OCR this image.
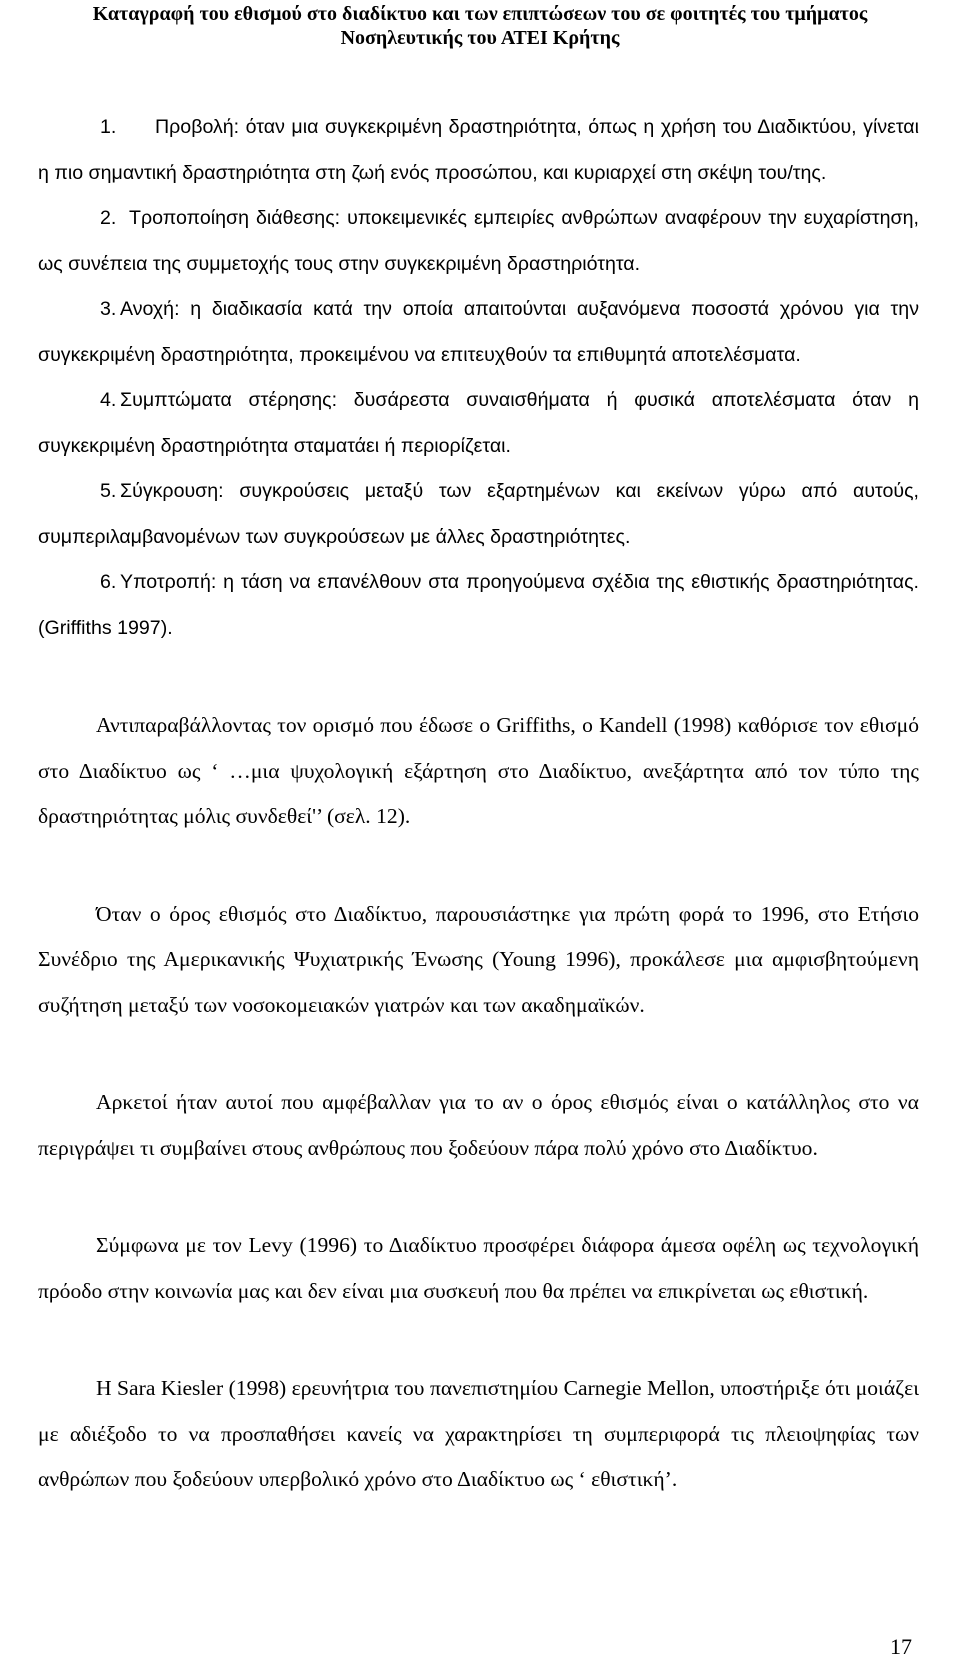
Καταγραφή του εθισμού στο διαδίκτυο και των επιπτώσεων του σε φοιτητές του τμήματος
Νοσηλευτικής του ΑΤΕΙ Κρήτης

1. Προβολή: όταν μια συγκεκριμένη δραστηριότητα, όπως η χρήση του Διαδικτύου, γίνεται η πιο σημαντική δραστηριότητα στη ζωή ενός προσώπου, και κυριαρχεί στη σκέψη του/της.

2. Τροποποίηση διάθεσης: υποκειμενικές εμπειρίες ανθρώπων αναφέρουν την ευχαρίστηση, ως συνέπεια της συμμετοχής τους στην συγκεκριμένη δραστηριότητα.

3. Ανοχή: η διαδικασία κατά την οποία απαιτούνται αυξανόμενα ποσοστά χρόνου για την συγκεκριμένη δραστηριότητα, προκειμένου να επιτευχθούν τα επιθυμητά αποτελέσματα.

4. Συμπτώματα στέρησης: δυσάρεστα συναισθήματα ή φυσικά αποτελέσματα όταν η συγκεκριμένη δραστηριότητα σταματάει ή περιορίζεται.

5. Σύγκρουση: συγκρούσεις μεταξύ των εξαρτημένων και εκείνων γύρω από αυτούς, συμπεριλαμβανομένων των συγκρούσεων με άλλες δραστηριότητες.

6. Υποτροπή: η τάση να επανέλθουν στα προηγούμενα σχέδια της εθιστικής δραστηριότητας. (Griffiths 1997).

Αντιπαραβάλλοντας τον ορισμό που έδωσε ο Griffiths, ο Kandell (1998) καθόρισε τον εθισμό στο Διαδίκτυο ως ‘ …μια ψυχολογική εξάρτηση στο Διαδίκτυο, ανεξάρτητα από τον τύπο της δραστηριότητας μόλις συνδεθεί'’ (σελ. 12).

Όταν ο όρος εθισμός στο Διαδίκτυο, παρουσιάστηκε για πρώτη φορά το 1996, στο Ετήσιο Συνέδριο της Αμερικανικής Ψυχιατρικής Ένωσης (Young 1996), προκάλεσε μια αμφισβητούμενη συζήτηση μεταξύ των νοσοκομειακών γιατρών και των ακαδημαϊκών.

Αρκετοί ήταν αυτοί που αμφέβαλλαν για το αν ο όρος εθισμός είναι ο κατάλληλος στο να περιγράψει τι συμβαίνει στους ανθρώπους που ξοδεύουν πάρα πολύ χρόνο στο Διαδίκτυο.

Σύμφωνα με τον Levy (1996) το Διαδίκτυο προσφέρει διάφορα άμεσα οφέλη ως τεχνολογική πρόοδο στην κοινωνία μας και δεν είναι μια συσκευή που θα πρέπει να επικρίνεται ως εθιστική.

Η Sara Kiesler (1998) ερευνήτρια του πανεπιστημίου Carnegie Mellon, υποστήριξε ότι μοιάζει με αδιέξοδο το να προσπαθήσει κανείς να χαρακτηρίσει τη συμπεριφορά τις πλειοψηφίας των ανθρώπων που ξοδεύουν υπερβολικό χρόνο στο Διαδίκτυο ως ‘ εθιστική’.

17
